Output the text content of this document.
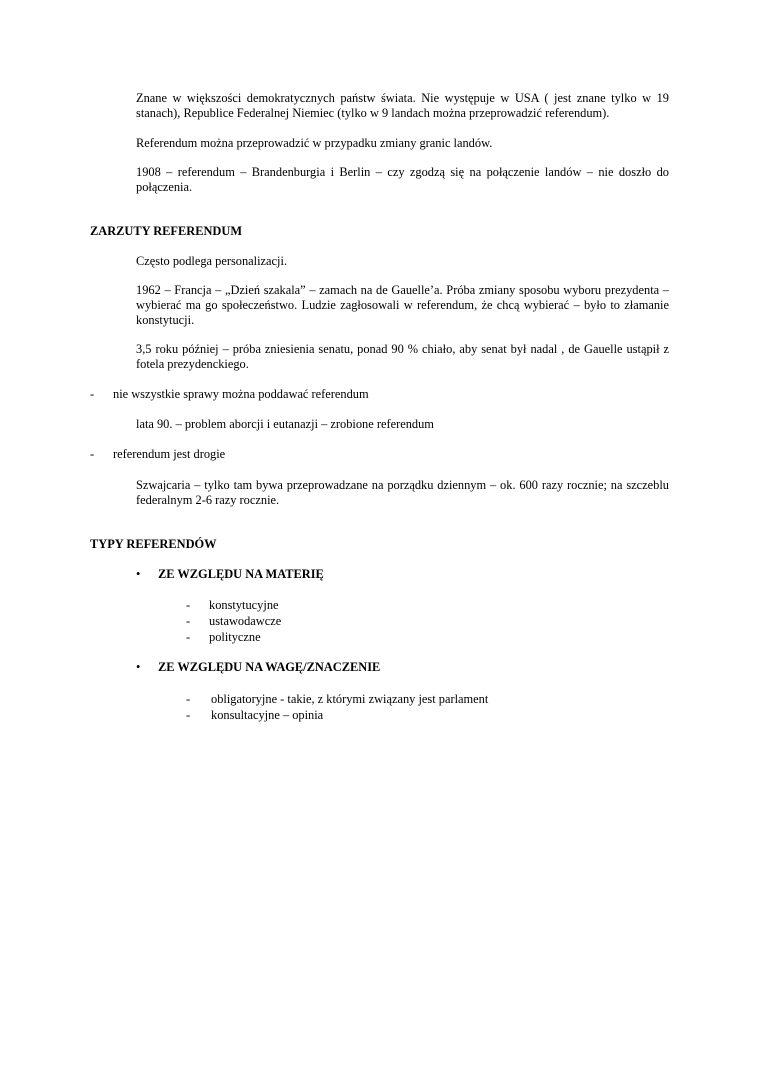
Znane w większości demokratycznych państw świata. Nie występuje w USA ( jest znane tylko w 19 stanach), Republice Federalnej Niemiec (tylko w 9 landach można przeprowadzić referendum).

Referendum można przeprowadzić w przypadku zmiany granic landów.

1908 – referendum – Brandenburgia i Berlin – czy zgodzą się na połączenie landów – nie doszło do połączenia.

ZARZUTY REFERENDUM

Często podlega personalizacji.

1962 – Francja – „Dzień szakala” – zamach na de Gauelle’a. Próba zmiany sposobu wyboru prezydenta – wybierać ma go społeczeństwo. Ludzie zagłosowali w referendum, że chcą wybierać – było to złamanie konstytucji.

3,5 roku później – próba zniesienia senatu, ponad 90 % chiało, aby senat był nadal , de Gauelle ustąpił z fotela prezydenckiego.

- nie wszystkie sprawy można poddawać referendum

lata 90. – problem aborcji i eutanazji – zrobione referendum

- referendum jest drogie

Szwajcaria – tylko tam bywa przeprowadzane na porządku dziennym – ok. 600 razy rocznie; na szczeblu federalnym 2-6 razy rocznie.

TYPY REFERENDÓW

• ZE WZGLĘDU NA MATERIĘ

- konstytucyjne

- ustawodawcze

- polityczne

• ZE WZGLĘDU NA WAGĘ/ZNACZENIE

- obligatoryjne - takie, z którymi związany jest parlament

- konsultacyjne – opinia
